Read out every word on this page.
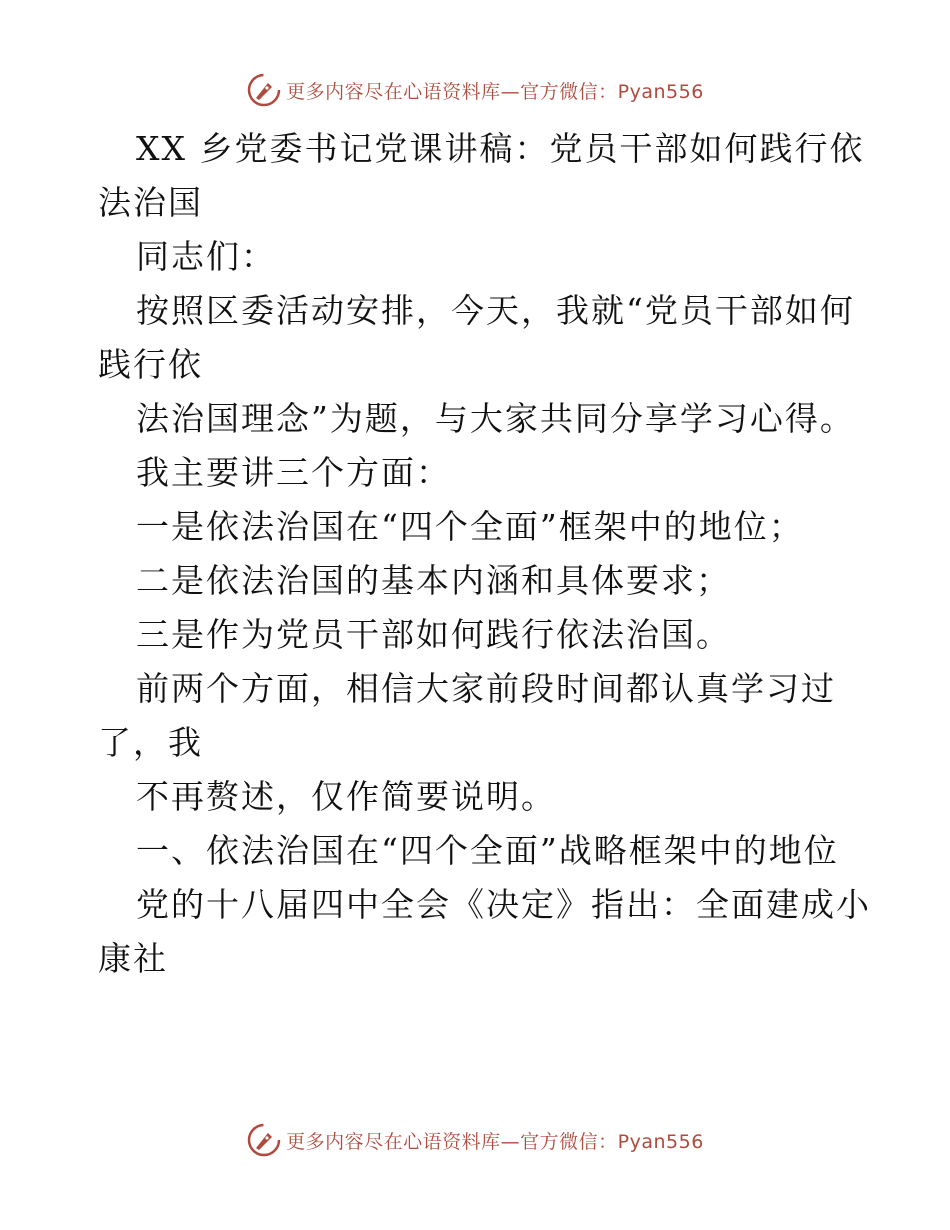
更多内容尽在心语资料库—官方微信：Pyan556
XX 乡党委书记党课讲稿：党员干部如何践行依
法治国
同志们：
按照区委活动安排，今天，我就“党员干部如何
践行依
法治国理念”为题，与大家共同分享学习心得。
我主要讲三个方面：
一是依法治国在“四个全面”框架中的地位；
二是依法治国的基本内涵和具体要求；
三是作为党员干部如何践行依法治国。
前两个方面，相信大家前段时间都认真学习过
了，我
不再赘述，仅作简要说明。
一、依法治国在“四个全面”战略框架中的地位
党的十八届四中全会《决定》指出：全面建成小
康社
更多内容尽在心语资料库—官方微信：Pyan556
